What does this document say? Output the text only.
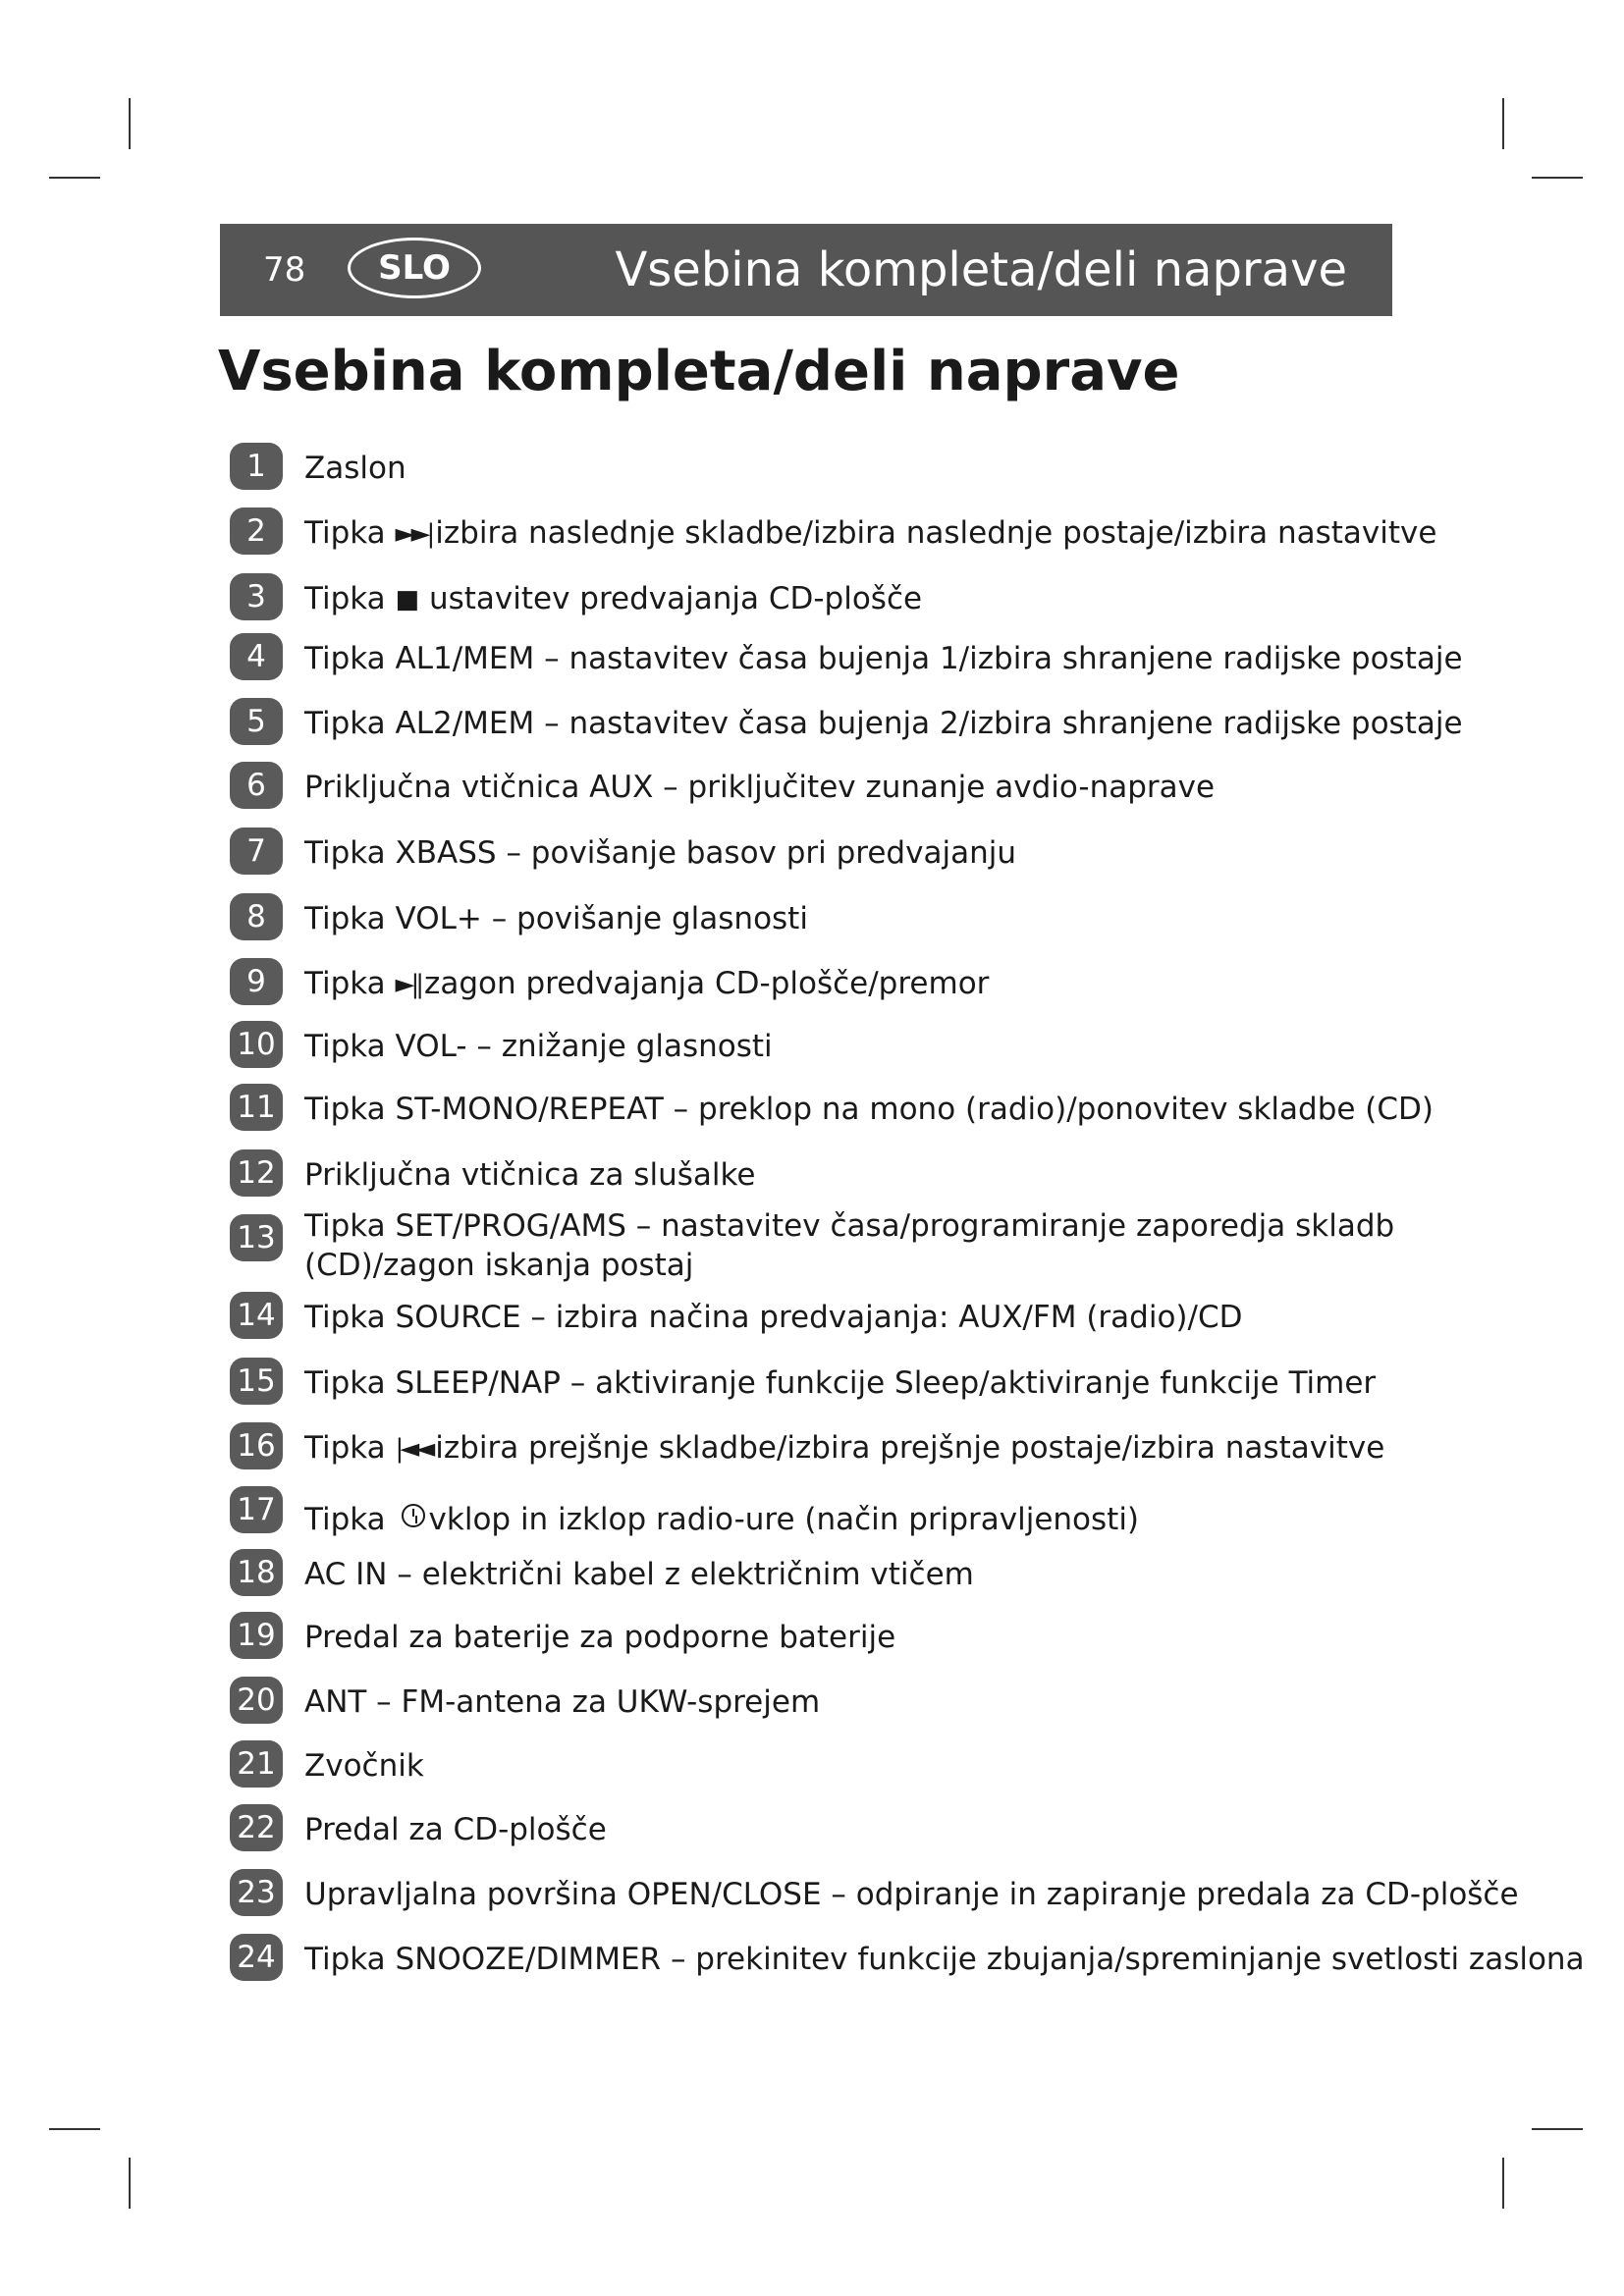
78	SLO	Vsebina kompleta/deli naprave
Vsebina kompleta/deli naprave
1	Zaslon
2	Tipka ►►| izbira naslednje skladbe/izbira naslednje postaje/izbira nastavitve
3	Tipka ■ ustavitev predvajanja CD-plošče
4	Tipka AL1/MEM – nastavitev časa bujenja 1/izbira shranjene radijske postaje
5	Tipka AL2/MEM – nastavitev časa bujenja 2/izbira shranjene radijske postaje
6	Priključna vtičnica AUX – priključitev zunanje avdio-naprave
7	Tipka XBASS – povišanje basov pri predvajanju
8	Tipka VOL+ – povišanje glasnosti
9	Tipka ►|| zagon predvajanja CD-plošče/premor
10 Tipka VOL- – znižanje glasnosti
11 Tipka ST-MONO/REPEAT – preklop na mono (radio)/ponovitev skladbe (CD)
12 Priključna vtičnica za slušalke
13 Tipka SET/PROG/AMS – nastavitev časa/programiranje zaporedja skladb (CD)/zagon iskanja postaj
14 Tipka SOURCE – izbira načina predvajanja: AUX/FM (radio)/CD
15 Tipka SLEEP/NAP – aktiviranje funkcije Sleep/aktiviranje funkcije Timer
16 Tipka |◄◄ izbira prejšnje skladbe/izbira prejšnje postaje/izbira nastavitve
17 Tipka vklop in izklop radio-ure (način pripravljenosti)
18 AC IN – električni kabel z električnim vtičem
19 Predal za baterije za podporne baterije
20 ANT – FM-antena za UKW-sprejem
21 Zvočnik
22 Predal za CD-plošče
23 Upravljalna površina OPEN/CLOSE – odpiranje in zapiranje predala za CD-plošče
24 Tipka SNOOZE/DIMMER – prekinitev funkcije zbujanja/spreminjanje svetlosti zaslona
